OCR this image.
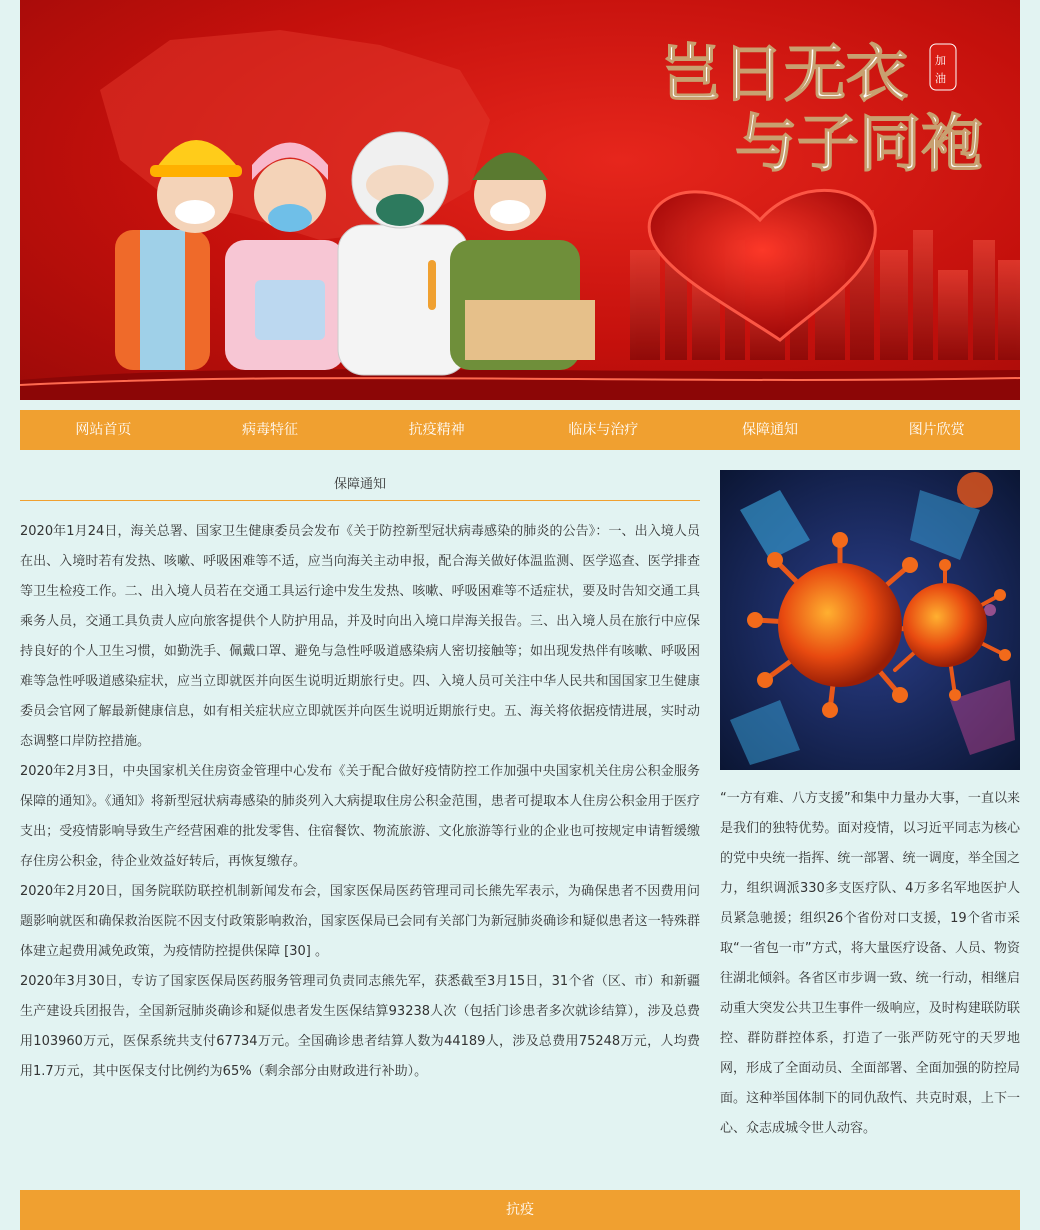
岂日无衣
与子同袍
加
油
网站首页	病毒特征	抗疫精神	临床与治疗	保障通知	图片欣赏
保障通知

2020年1月24日，海关总署、国家卫生健康委员会发布《关于防控新型冠状病毒感染的肺炎的公告》：一、出入境人员在出、入境时若有发热、咳嗽、呼吸困难等不适，应当向海关主动申报，配合海关做好体温监测、医学巡查、医学排查等卫生检疫工作。二、出入境人员若在交通工具运行途中发生发热、咳嗽、呼吸困难等不适症状，要及时告知交通工具乘务人员，交通工具负责人应向旅客提供个人防护用品，并及时向出入境口岸海关报告。三、出入境人员在旅行中应保持良好的个人卫生习惯，如勤洗手、佩戴口罩、避免与急性呼吸道感染病人密切接触等；如出现发热伴有咳嗽、呼吸困难等急性呼吸道感染症状，应当立即就医并向医生说明近期旅行史。四、入境人员可关注中华人民共和国国家卫生健康委员会官网了解最新健康信息，如有相关症状应立即就医并向医生说明近期旅行史。五、海关将依据疫情进展，实时动态调整口岸防控措施。

2020年2月3日，中央国家机关住房资金管理中心发布《关于配合做好疫情防控工作加强中央国家机关住房公积金服务保障的通知》。《通知》将新型冠状病毒感染的肺炎列入大病提取住房公积金范围，患者可提取本人住房公积金用于医疗支出；受疫情影响导致生产经营困难的批发零售、住宿餐饮、物流旅游、文化旅游等行业的企业也可按规定申请暂缓缴存住房公积金，待企业效益好转后，再恢复缴存。

2020年2月20日，国务院联防联控机制新闻发布会，国家医保局医药管理司司长熊先军表示，为确保患者不因费用问题影响就医和确保救治医院不因支付政策影响救治，国家医保局已会同有关部门为新冠肺炎确诊和疑似患者这一特殊群体建立起费用减免政策，为疫情防控提供保障 [30] 。

2020年3月30日，专访了国家医保局医药服务管理司负责同志熊先军，获悉截至3月15日，31个省（区、市）和新疆生产建设兵团报告，全国新冠肺炎确诊和疑似患者发生医保结算93238人次（包括门诊患者多次就诊结算），涉及总费用103960万元，医保系统共支付67734万元。全国确诊患者结算人数为44189人，涉及总费用75248万元，人均费用1.7万元，其中医保支付比例约为65%（剩余部分由财政进行补助）。

“一方有难、八方支援”和集中力量办大事，一直以来是我们的独特优势。面对疫情，以习近平同志为核心的党中央统一指挥、统一部署、统一调度，举全国之力，组织调派330多支医疗队、4万多名军地医护人员紧急驰援；组织26个省份对口支援，19个省市采取“一省包一市”方式，将大量医疗设备、人员、物资往湖北倾斜。各省区市步调一致、统一行动，相继启动重大突发公共卫生事件一级响应，及时构建联防联控、群防群控体系，打造了一张严防死守的天罗地网，形成了全面动员、全面部署、全面加强的防控局面。这种举国体制下的同仇敌忾、共克时艰，上下一心、众志成城令世人动容。

抗疫
